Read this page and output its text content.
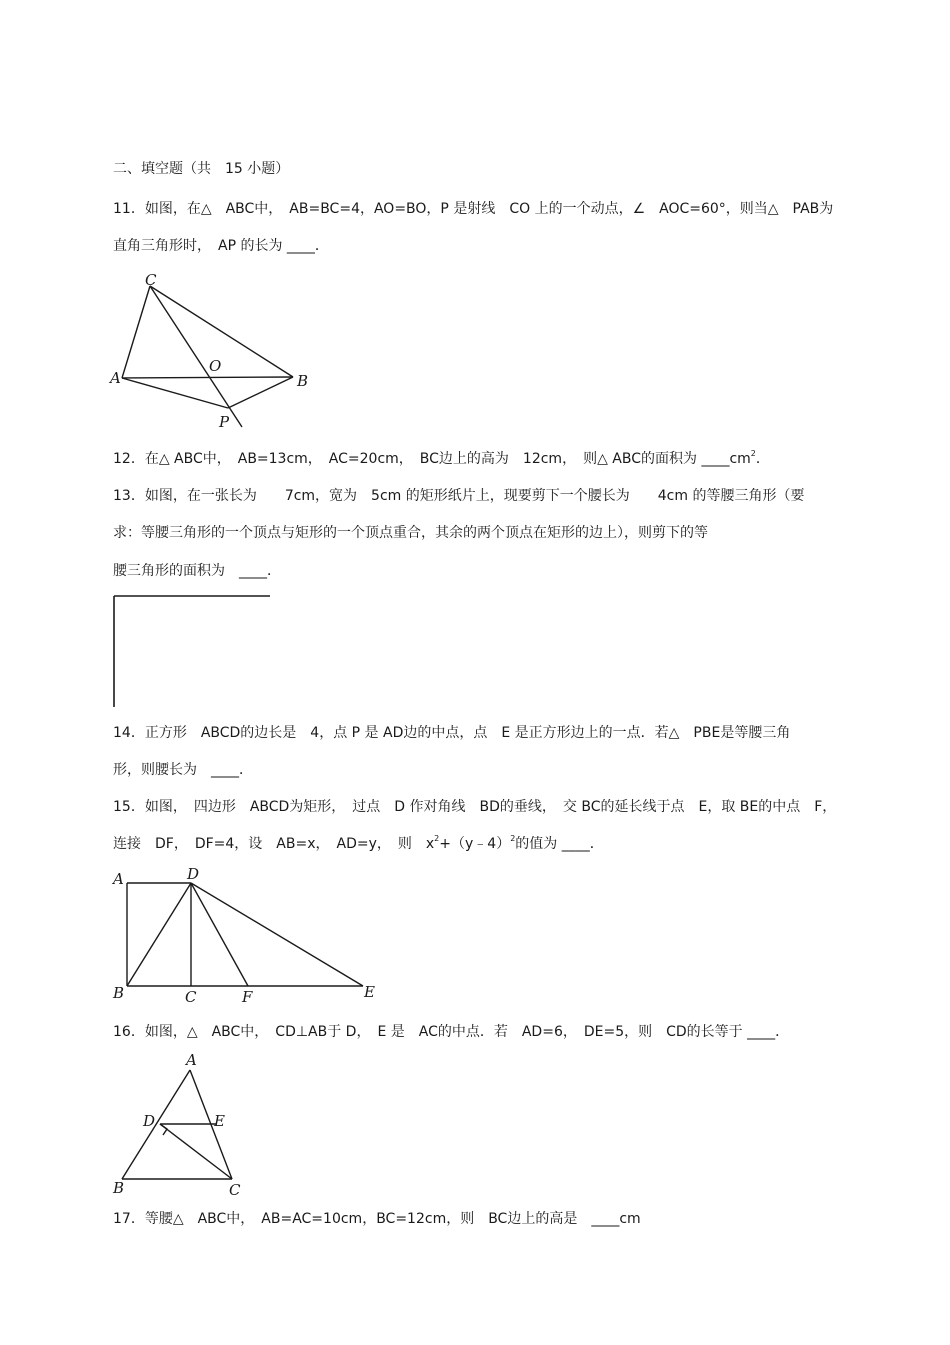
二、填空题（共　15 小题）
11．如图，在△　ABC中，　AB=BC=4，AO=BO，P 是射线　CO 上的一个动点，∠　AOC=60°，则当△　PAB为
直角三角形时，　AP 的长为 ____．
C
A
O
B
P
12．在△ ABC中，　AB=13cm，　AC=20cm，　BC边上的高为　12cm，　则△ ABC的面积为 $\_\_\_\_cm^2$．
13．如图，在一张长为　　7cm，宽为　5cm 的矩形纸片上，现要剪下一个腰长为　　4cm 的等腰三角形（要
求：等腰三角形的一个顶点与矩形的一个顶点重合，其余的两个顶点在矩形的边上），则剪下的等
腰三角形的面积为　____．
14．正方形　ABCD的边长是　4，点 P 是 AD边的中点，点　E 是正方形边上的一点．若△　PBE是等腰三角
形，则腰长为　____．
15．如图，　四边形　ABCD为矩形，　过点　D 作对角线　BD的垂线，　交 BC的延长线于点　E，取 BE的中点　F，
连接　DF，　DF=4，设　AB=x，　AD=y，　则　$x^2+(y﹣4)^2$的值为 ____．
A	D
B	C	F	E
16．如图，△　ABC中，　CD⊥AB于 D，　E 是　AC的中点．若　AD=6，　DE=5，则　CD的长等于 ____．
A
D	E
B	C
17．等腰△　ABC中，　AB=AC=10cm，BC=12cm，则　BC边上的高是　____cm
